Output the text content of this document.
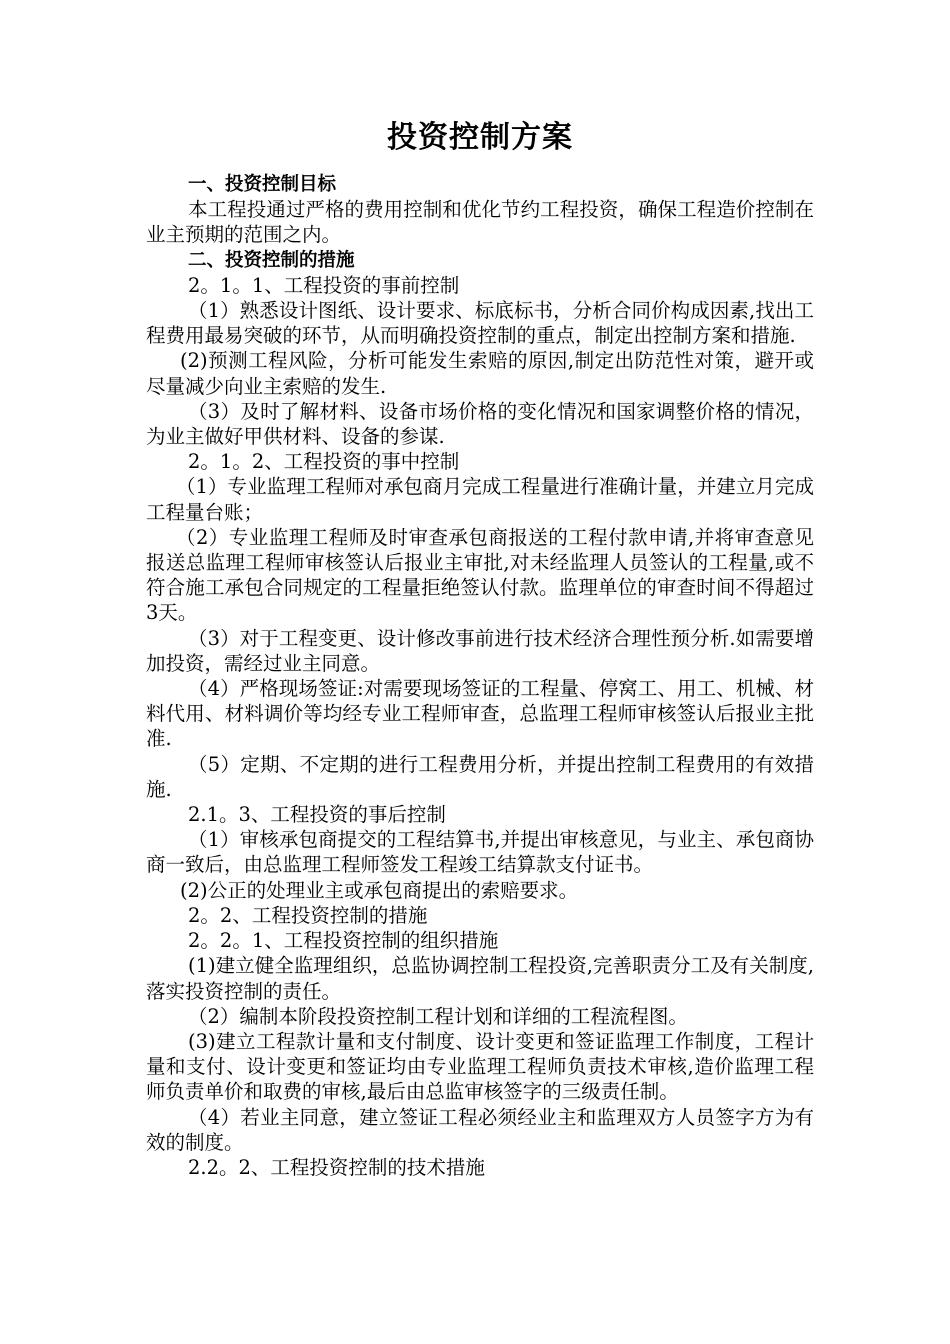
投资控制方案

一、投资控制目标

本工程投通过严格的费用控制和优化节约工程投资，确保工程造价控制在业主预期的范围之内。

二、投资控制的措施

2。1。1、工程投资的事前控制

（1）熟悉设计图纸、设计要求、标底标书，分析合同价构成因素,找出工程费用最易突破的环节，从而明确投资控制的重点，制定出控制方案和措施.

(2)预测工程风险，分析可能发生索赔的原因,制定出防范性对策，避开或尽量减少向业主索赔的发生.

（3）及时了解材料、设备市场价格的变化情况和国家调整价格的情况，为业主做好甲供材料、设备的参谋.

2。1。2、工程投资的事中控制

（1）专业监理工程师对承包商月完成工程量进行准确计量，并建立月完成工程量台账；

（2）专业监理工程师及时审查承包商报送的工程付款申请,并将审查意见报送总监理工程师审核签认后报业主审批,对未经监理人员签认的工程量,或不符合施工承包合同规定的工程量拒绝签认付款。监理单位的审查时间不得超过3天。

（3）对于工程变更、设计修改事前进行技术经济合理性预分析.如需要增加投资，需经过业主同意。

（4）严格现场签证:对需要现场签证的工程量、停窝工、用工、机械、材料代用、材料调价等均经专业工程师审查，总监理工程师审核签认后报业主批准.

（5）定期、不定期的进行工程费用分析，并提出控制工程费用的有效措施.

2.1。3、工程投资的事后控制

（1）审核承包商提交的工程结算书,并提出审核意见，与业主、承包商协商一致后，由总监理工程师签发工程竣工结算款支付证书。

(2)公正的处理业主或承包商提出的索赔要求。

2。2、工程投资控制的措施

2。2。1、工程投资控制的组织措施

(1)建立健全监理组织，总监协调控制工程投资,完善职责分工及有关制度,落实投资控制的责任。

（2）编制本阶段投资控制工程计划和详细的工程流程图。

(3)建立工程款计量和支付制度、设计变更和签证监理工作制度，工程计量和支付、设计变更和签证均由专业监理工程师负责技术审核,造价监理工程师负责单价和取费的审核,最后由总监审核签字的三级责任制。

（4）若业主同意，建立签证工程必须经业主和监理双方人员签字方为有效的制度。

2.2。2、工程投资控制的技术措施
